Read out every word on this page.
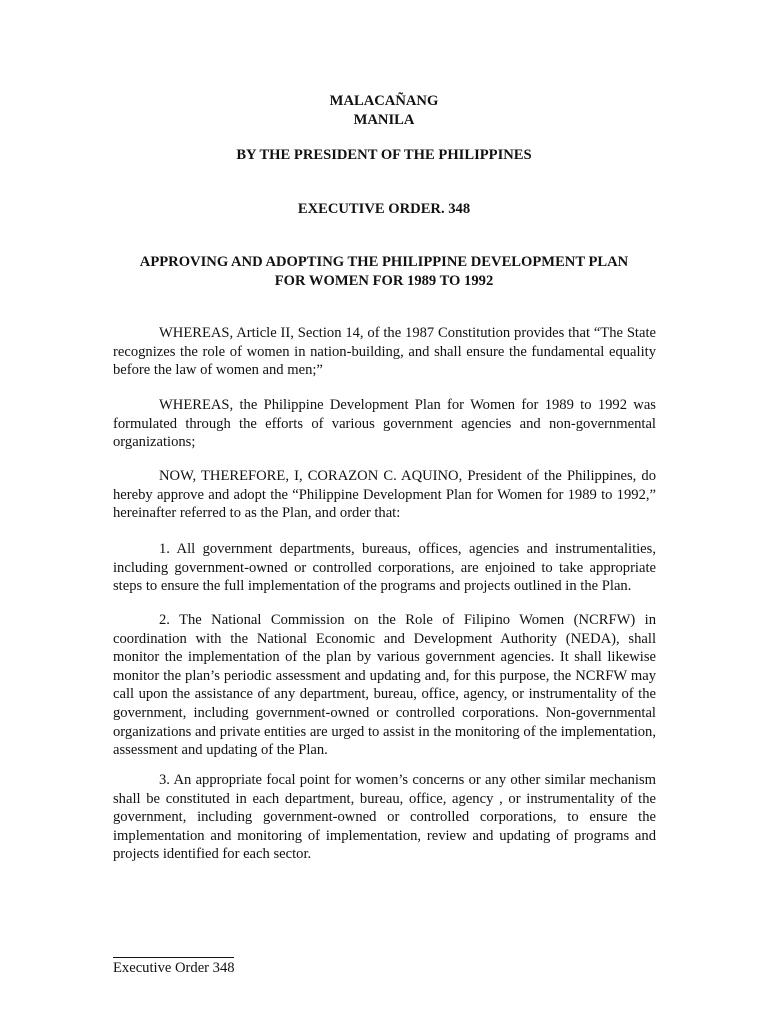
MALACAÑANG
MANILA
BY THE PRESIDENT OF THE PHILIPPINES
EXECUTIVE ORDER. 348
APPROVING AND ADOPTING THE PHILIPPINE DEVELOPMENT PLAN
FOR WOMEN FOR 1989 TO 1992

WHEREAS, Article II, Section 14, of the 1987 Constitution provides that “The State recognizes the role of women in nation-building, and shall ensure the fundamental equality before the law of women and men;”

WHEREAS, the Philippine Development Plan for Women for 1989 to 1992 was formulated through the efforts of various government agencies and non-governmental organizations;

NOW, THEREFORE, I, CORAZON C. AQUINO, President of the Philippines, do hereby approve and adopt the “Philippine Development Plan for Women for 1989 to 1992,” hereinafter referred to as the Plan, and order that:

1. All government departments, bureaus, offices, agencies and instrumentalities, including government-owned or controlled corporations, are enjoined to take appropriate steps to ensure the full implementation of the programs and projects outlined in the Plan.

2. The National Commission on the Role of Filipino Women (NCRFW) in coordination with the National Economic and Development Authority (NEDA), shall monitor the implementation of the plan by various government agencies. It shall likewise monitor the plan’s periodic assessment and updating and, for this purpose, the NCRFW may call upon the assistance of any department, bureau, office, agency, or instrumentality of the government, including government-owned or controlled corporations. Non-governmental organizations and private entities are urged to assist in the monitoring of the implementation, assessment and updating of the Plan.

3. An appropriate focal point for women’s concerns or any other similar mechanism shall be constituted in each department, bureau, office, agency , or instrumentality of the government, including government-owned or controlled corporations, to ensure the implementation and monitoring of implementation, review and updating of programs and projects identified for each sector.

Executive Order 348
